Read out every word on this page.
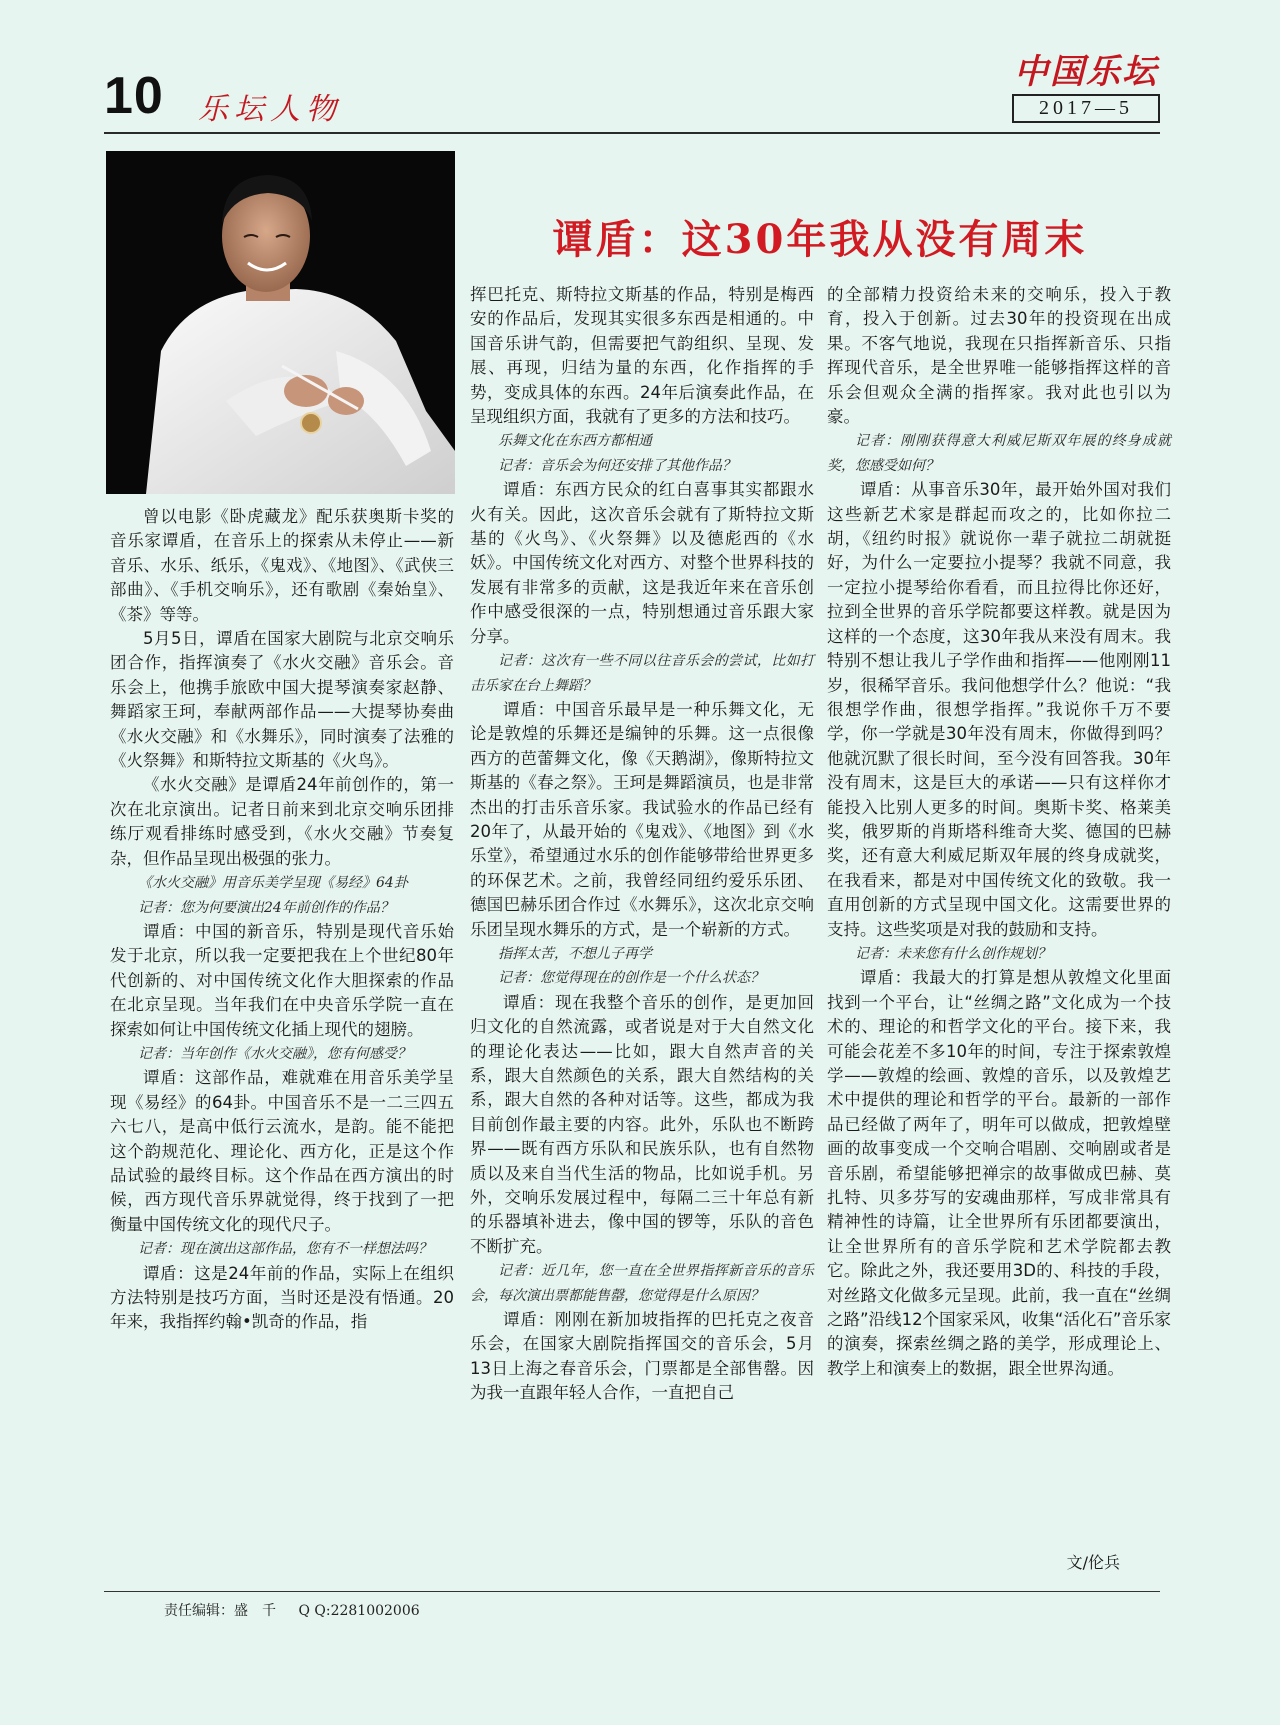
10 乐坛人物
中国乐坛
2017—5
谭盾：这30年我从没有周末

曾以电影《卧虎藏龙》配乐获奥斯卡奖的音乐家谭盾，在音乐上的探索从未停止——新音乐、水乐、纸乐，《鬼戏》、《地图》、《武侠三部曲》、《手机交响乐》，还有歌剧《秦始皇》、《茶》等等。

5月5日，谭盾在国家大剧院与北京交响乐团合作，指挥演奏了《水火交融》音乐会。音乐会上，他携手旅欧中国大提琴演奏家赵静、舞蹈家王珂，奉献两部作品——大提琴协奏曲《水火交融》和《水舞乐》，同时演奏了法雅的《火祭舞》和斯特拉文斯基的《火鸟》。

《水火交融》是谭盾24年前创作的，第一次在北京演出。记者日前来到北京交响乐团排练厅观看排练时感受到，《水火交融》节奏复杂，但作品呈现出极强的张力。

《水火交融》用音乐美学呈现《易经》64卦

记者：您为何要演出24年前创作的作品？

谭盾：中国的新音乐，特别是现代音乐始发于北京，所以我一定要把我在上个世纪80年代创新的、对中国传统文化作大胆探索的作品在北京呈现。当年我们在中央音乐学院一直在探索如何让中国传统文化插上现代的翅膀。

记者：当年创作《水火交融》，您有何感受？

谭盾：这部作品，难就难在用音乐美学呈现《易经》的64卦。中国音乐不是一二三四五六七八，是高中低行云流水，是韵。能不能把这个韵规范化、理论化、西方化，正是这个作品试验的最终目标。这个作品在西方演出的时候，西方现代音乐界就觉得，终于找到了一把衡量中国传统文化的现代尺子。

记者：现在演出这部作品，您有不一样想法吗？

谭盾：这是24年前的作品，实际上在组织方法特别是技巧方面，当时还是没有悟通。20年来，我指挥约翰•凯奇的作品，指

挥巴托克、斯特拉文斯基的作品，特别是梅西安的作品后，发现其实很多东西是相通的。中国音乐讲气韵，但需要把气韵组织、呈现、发展、再现，归结为量的东西，化作指挥的手势，变成具体的东西。24年后演奏此作品，在呈现组织方面，我就有了更多的方法和技巧。

乐舞文化在东西方都相通

记者：音乐会为何还安排了其他作品？

谭盾：东西方民众的红白喜事其实都跟水火有关。因此，这次音乐会就有了斯特拉文斯基的《火鸟》、《火祭舞》以及德彪西的《水妖》。中国传统文化对西方、对整个世界科技的发展有非常多的贡献，这是我近年来在音乐创作中感受很深的一点，特别想通过音乐跟大家分享。

记者：这次有一些不同以往音乐会的尝试，比如打击乐家在台上舞蹈？

谭盾：中国音乐最早是一种乐舞文化，无论是敦煌的乐舞还是编钟的乐舞。这一点很像西方的芭蕾舞文化，像《天鹅湖》，像斯特拉文斯基的《春之祭》。王珂是舞蹈演员，也是非常杰出的打击乐音乐家。我试验水的作品已经有20年了，从最开始的《鬼戏》、《地图》到《水乐堂》，希望通过水乐的创作能够带给世界更多的环保艺术。之前，我曾经同纽约爱乐乐团、德国巴赫乐团合作过《水舞乐》，这次北京交响乐团呈现水舞乐的方式，是一个崭新的方式。

指挥太苦，不想儿子再学

记者：您觉得现在的创作是一个什么状态？

谭盾：现在我整个音乐的创作，是更加回归文化的自然流露，或者说是对于大自然文化的理论化表达——比如，跟大自然声音的关系，跟大自然颜色的关系，跟大自然结构的关系，跟大自然的各种对话等。这些，都成为我目前创作最主要的内容。此外，乐队也不断跨界——既有西方乐队和民族乐队，也有自然物质以及来自当代生活的物品，比如说手机。另外，交响乐发展过程中，每隔二三十年总有新的乐器填补进去，像中国的锣等，乐队的音色不断扩充。

记者：近几年，您一直在全世界指挥新音乐的音乐会，每次演出票都能售罄，您觉得是什么原因？

谭盾：刚刚在新加坡指挥的巴托克之夜音乐会，在国家大剧院指挥国交的音乐会，5月13日上海之春音乐会，门票都是全部售罄。因为我一直跟年轻人合作，一直把自己

的全部精力投资给未来的交响乐，投入于教育，投入于创新。过去30年的投资现在出成果。不客气地说，我现在只指挥新音乐、只指挥现代音乐，是全世界唯一能够指挥这样的音乐会但观众全满的指挥家。我对此也引以为豪。

记者：刚刚获得意大利威尼斯双年展的终身成就奖，您感受如何？

谭盾：从事音乐30年，最开始外国对我们这些新艺术家是群起而攻之的，比如你拉二胡，《纽约时报》就说你一辈子就拉二胡就挺好，为什么一定要拉小提琴？我就不同意，我一定拉小提琴给你看看，而且拉得比你还好，拉到全世界的音乐学院都要这样教。就是因为这样的一个态度，这30年我从来没有周末。我特别不想让我儿子学作曲和指挥——他刚刚11岁，很稀罕音乐。我问他想学什么？他说：“我很想学作曲，很想学指挥。”我说你千万不要学，你一学就是30年没有周末，你做得到吗？他就沉默了很长时间，至今没有回答我。30年没有周末，这是巨大的承诺——只有这样你才能投入比别人更多的时间。奥斯卡奖、格莱美奖，俄罗斯的肖斯塔科维奇大奖、德国的巴赫奖，还有意大利威尼斯双年展的终身成就奖，在我看来，都是对中国传统文化的致敬。我一直用创新的方式呈现中国文化。这需要世界的支持。这些奖项是对我的鼓励和支持。

记者：未来您有什么创作规划？

谭盾：我最大的打算是想从敦煌文化里面找到一个平台，让“丝绸之路”文化成为一个技术的、理论的和哲学文化的平台。接下来，我可能会花差不多10年的时间，专注于探索敦煌学——敦煌的绘画、敦煌的音乐，以及敦煌艺术中提供的理论和哲学的平台。最新的一部作品已经做了两年了，明年可以做成，把敦煌壁画的故事变成一个交响合唱剧、交响剧或者是音乐剧，希望能够把禅宗的故事做成巴赫、莫扎特、贝多芬写的安魂曲那样，写成非常具有精神性的诗篇，让全世界所有乐团都要演出，让全世界所有的音乐学院和艺术学院都去教它。除此之外，我还要用3D的、科技的手段，对丝路文化做多元呈现。此前，我一直在“丝绸之路”沿线12个国家采风，收集“活化石”音乐家的演奏，探索丝绸之路的美学，形成理论上、教学上和演奏上的数据，跟全世界沟通。

文/伦兵
责任编辑：盛　千 Q Q:2281002006
